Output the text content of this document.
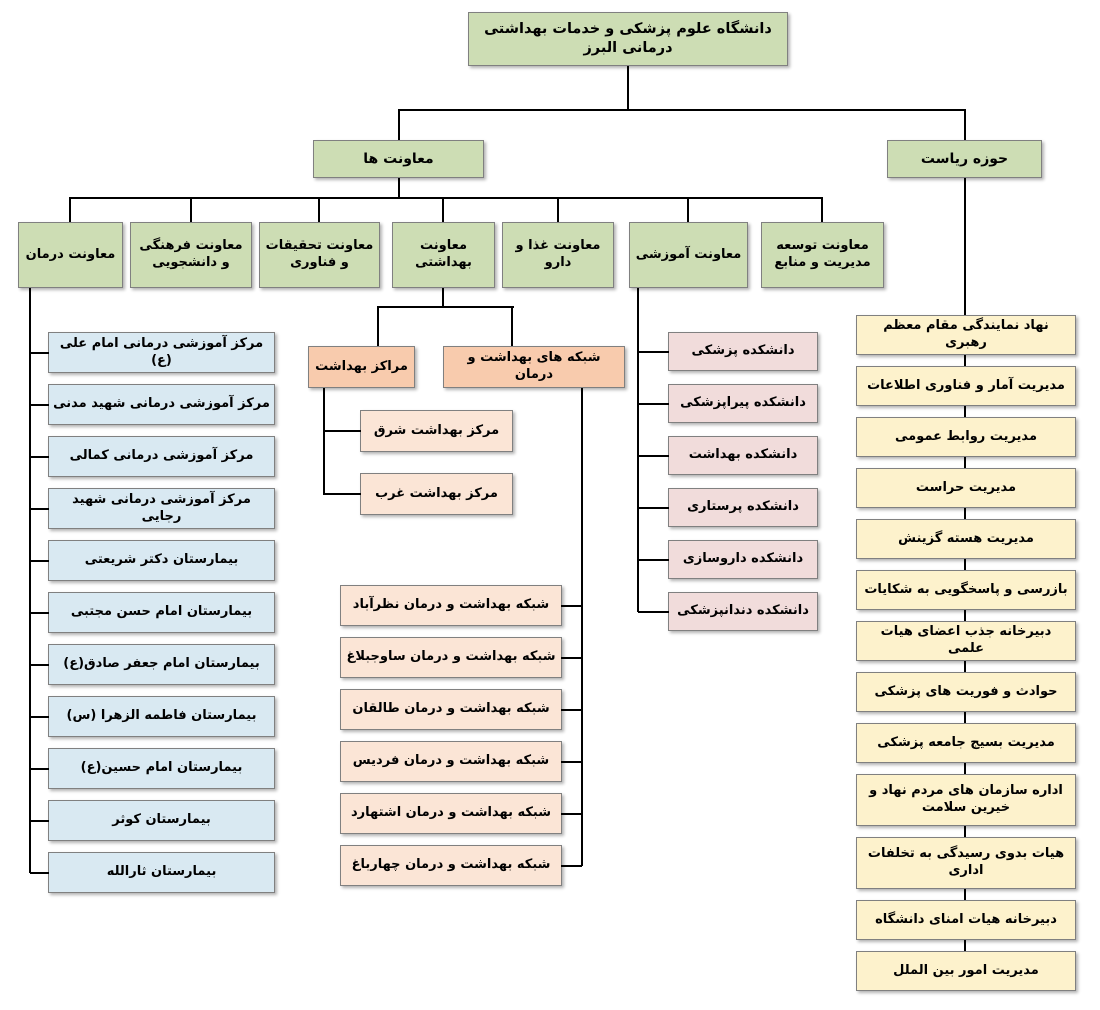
دانشگاه علوم پزشکی و خدمات بهداشتی درمانی البرز
معاونت ها	حوزه ریاست
معاونت درمان
معاونت فرهنگی و دانشجویی
معاونت تحقیقات و فناوری
معاونت بهداشتی
معاونت غذا و دارو
معاونت آموزشی
معاونت توسعه مدیریت و منابع
مراکز بهداشت
شبکه های بهداشت و درمان
مرکز آموزشی درمانی امام علی (ع)
مرکز آموزشی درمانی شهید مدنی
مرکز آموزشی درمانی کمالی
مرکز آموزشی درمانی شهید رجایی
بیمارستان دکتر شریعتی
بیمارستان امام حسن مجتبی
بیمارستان امام جعفر صادق(ع)
بیمارستان فاطمه الزهرا (س)
بیمارستان امام حسین(ع)
بیمارستان کوثر
بیمارستان ثارالله
مرکز بهداشت شرق
مرکز بهداشت غرب
شبکه بهداشت و درمان نظرآباد
شبکه بهداشت و درمان ساوجبلاغ
شبکه بهداشت و درمان طالقان
شبکه بهداشت و درمان فردیس
شبکه بهداشت و درمان اشتهارد
شبکه بهداشت و درمان چهارباغ
دانشکده پزشکی
دانشکده پیراپزشکی
دانشکده بهداشت
دانشکده پرستاری
دانشکده داروسازی
دانشکده دندانپزشکی
نهاد نمایندگی مقام معظم رهبری
مدیریت آمار و فناوری اطلاعات
مدیریت روابط عمومی
مدیریت حراست
مدیریت هسته گزینش
بازرسی و پاسخگویی به شکایات
دبیرخانه جذب اعضای هیات علمی
حوادث و فوریت های پزشکی
مدیریت بسیج جامعه پزشکی
اداره سازمان های مردم نهاد و خیرین سلامت
هیات بدوی رسیدگی به تخلفات اداری
دبیرخانه هیات امنای دانشگاه
مدیریت امور بین الملل
